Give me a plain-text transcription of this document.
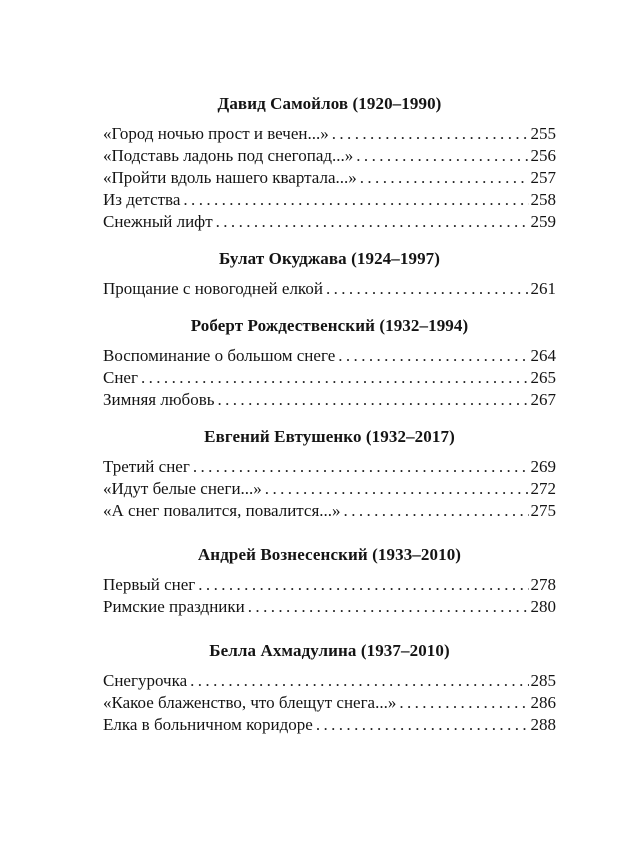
Давид Самойлов (1920–1990)
«Город ночью прост и вечен...» .....	255
«Подставь ладонь под снегопад...» .....	256
«Пройти вдоль нашего квартала...» .....	257
Из детства .....	258
Снежный лифт .....	259
Булат Окуджава (1924–1997)
Прощание с новогодней елкой .....	261
Роберт Рождественский (1932–1994)
Воспоминание о большом снеге .....	264
Снег .....	265
Зимняя любовь .....	267
Евгений Евтушенко (1932–2017)
Третий снег .....	269
«Идут белые снеги...» .....	272
«А снег повалится, повалится...» .....	275
Андрей Вознесенский (1933–2010)
Первый снег .....	278
Римские праздники .....	280
Белла Ахмадулина (1937–2010)
Снегурочка .....	285
«Какое блаженство, что блещут снега...» .....	286
Елка в больничном коридоре .....	288
